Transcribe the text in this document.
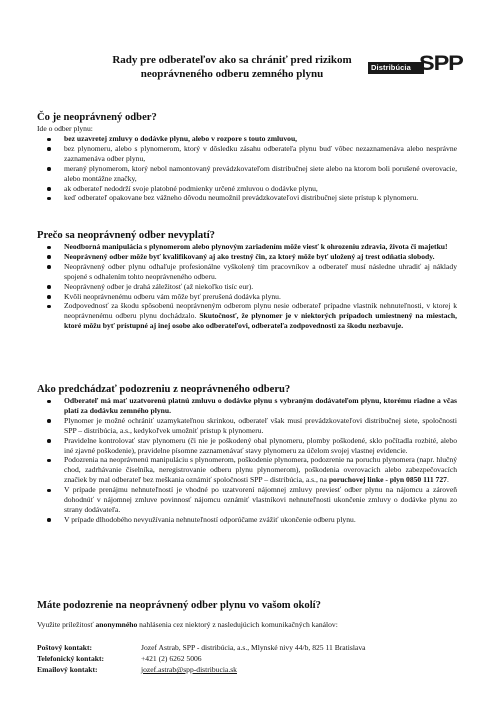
Rady pre odberateľov ako sa chrániť pred rizikom
neoprávneného odberu zemného plynu
Distribúcia SPP
Čo je neoprávnený odber?

Ide o odber plynu:

bez uzavretej zmluvy o dodávke plynu, alebo v rozpore s touto zmluvou,
bez plynomeru, alebo s plynomerom, ktorý v dôsledku zásahu odberateľa plynu buď vôbec nezaznamenáva alebo nesprávne zaznamenáva odber plynu,
meraný plynomerom, ktorý nebol namontovaný prevádzkovateľom distribučnej siete alebo na ktorom boli porušené overovacie, alebo montážne značky,
ak odberateľ nedodrží svoje platobné podmienky určené zmluvou o dodávke plynu,
keď odberateľ opakovane bez vážneho dôvodu neumožnil prevádzkovateľovi distribučnej siete prístup k plynomeru.
Prečo sa neoprávnený odber nevyplatí?
Neodborná manipulácia s plynomerom alebo plynovým zariadením môže viesť k ohrozeniu zdravia, života či majetku!
Neoprávnený odber môže byť kvalifikovaný aj ako trestný čin, za ktorý môže byť uložený aj trest odňatia slobody.
Neoprávnený odber plynu odhaľuje profesionálne vyškolený tím pracovníkov a odberateľ musí následne uhradiť aj náklady spojené s odhalením tohto neoprávneného odberu.
Neoprávnený odber je drahá záležitosť (až niekoľko tisíc eur).
Kvôli neoprávnenému odberu vám môže byť prerušená dodávka plynu.
Zodpovednosť za škodu spôsobenú neoprávneným odberom plynu nesie odberateľ prípadne vlastník nehnuteľnosti, v ktorej k neoprávnenému odberu plynu dochádzalo. Skutočnosť, že plynomer je v niektorých prípadoch umiestnený na miestach, ktoré môžu byť prístupné aj inej osobe ako odberateľovi, odberateľa zodpovednosti za škodu nezbavuje.
Ako predchádzať podozreniu z neoprávneného odberu?
Odberateľ má mať uzatvorenú platnú zmluvu o dodávke plynu s vybraným dodávateľom plynu, ktorému riadne a včas platí za dodávku zemného plynu.
Plynomer je možné ochrániť uzamykateľnou skrinkou, odberateľ však musí prevádzkovateľovi distribučnej siete, spoločnosti SPP – distribúcia, a.s., kedykoľvek umožniť prístup k plynomeru.
Pravidelne kontrolovať stav plynomeru (či nie je poškodený obal plynomeru, plomby poškodené, sklo počítadla rozbité, alebo iné zjavné poškodenie), pravidelne písomne zaznamenávať stavy plynomeru za účelom svojej vlastnej evidencie.
Podozrenia na neoprávnenú manipuláciu s plynomerom, poškodenie plynomera, podozrenie na poruchu plynomera (napr. hlučný chod, zadrhávanie číselníka, neregistrovanie odberu plynu plynomerom), poškodenia overovacích alebo zabezpečovacích značiek by mal odberateľ bez meškania oznámiť spoločnosti SPP – distribúcia, a.s., na poruchovej linke - plyn 0850 111 727.
V prípade prenájmu nehnuteľností je vhodné po uzatvorení nájomnej zmluvy previesť odber plynu na nájomcu a zároveň dohodnúť v nájomnej zmluve povinnosť nájomcu oznámiť vlastníkovi nehnuteľnosti ukončenie zmluvy o dodávke plynu zo strany dodávateľa.
V prípade dlhodobého nevyužívania nehnuteľností odporúčame zvážiť ukončenie odberu plynu.
Máte podozrenie na neoprávnený odber plynu vo vašom okolí?

Využite príležitosť anonymného nahlásenia cez niektorý z nasledujúcich komunikačných kanálov:

Poštový kontakt:	Jozef Astrab, SPP - distribúcia, a.s., Mlynské nivy 44/b, 825 11 Bratislava
Telefonický kontakt:	+421 (2) 6262 5006
Emailový kontakt:	jozef.astrab@spp-distribucia.sk
